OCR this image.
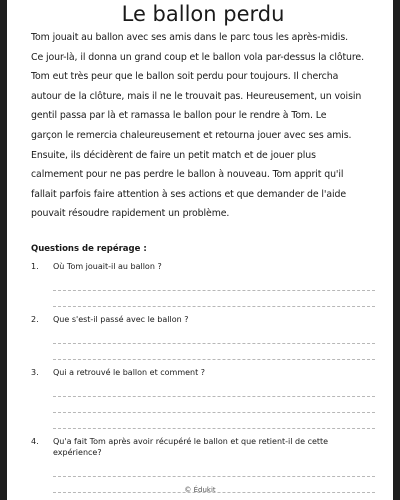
Le ballon perdu
Tom jouait au ballon avec ses amis dans le parc tous les après-midis.
Ce jour-là, il donna un grand coup et le ballon vola par-dessus la clôture.
Tom eut très peur que le ballon soit perdu pour toujours. Il chercha
autour de la clôture, mais il ne le trouvait pas. Heureusement, un voisin
gentil passa par là et ramassa le ballon pour le rendre à Tom. Le
garçon le remercia chaleureusement et retourna jouer avec ses amis.
Ensuite, ils décidèrent de faire un petit match et de jouer plus
calmement pour ne pas perdre le ballon à nouveau. Tom apprit qu'il
fallait parfois faire attention à ses actions et que demander de l'aide
pouvait résoudre rapidement un problème.
Questions de repérage :
1.	Où Tom jouait-il au ballon ?
2.	Que s'est-il passé avec le ballon ?
3.	Qui a retrouvé le ballon et comment ?
4.	Qu'a fait Tom après avoir récupéré le ballon et que retient-il de cette expérience?
© Édukit
